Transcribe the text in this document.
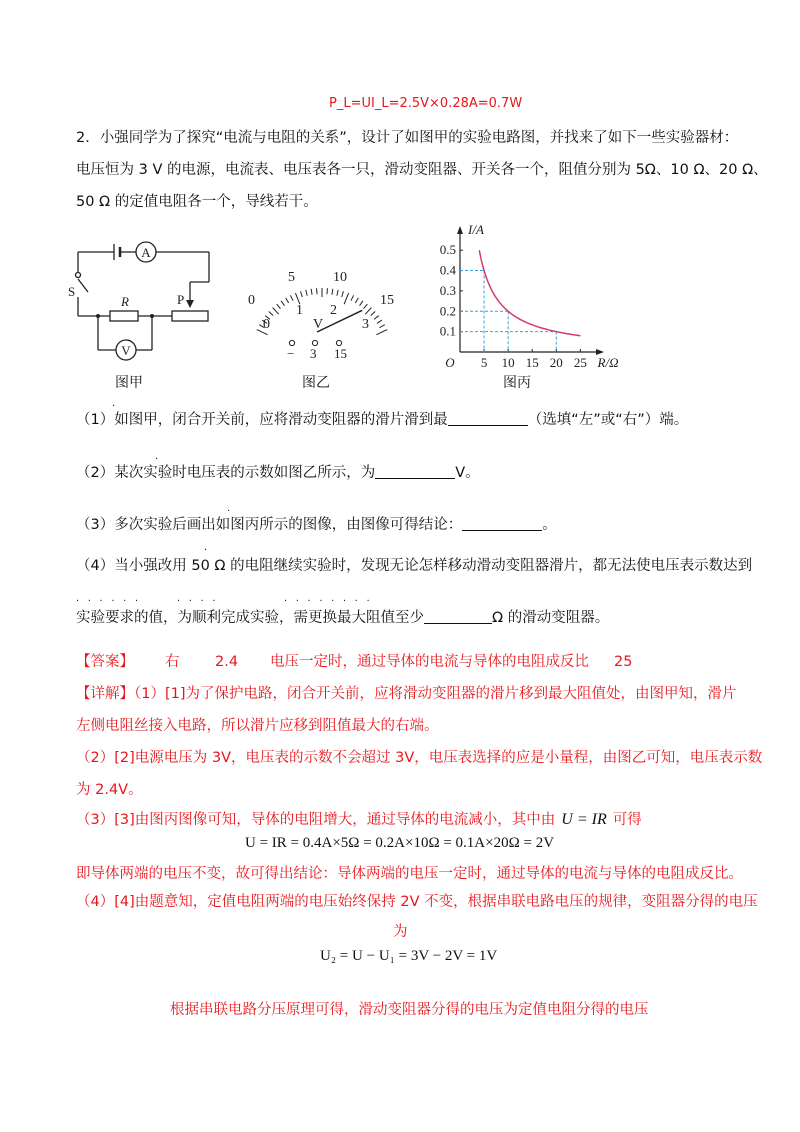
P_L=UI_L=2.5V×0.28A=0.7W
2．小强同学为了探究“电流与电阻的关系”，设计了如图甲的实验电路图，并找来了如下一些实验器材：
电压恒为 3 V 的电源，电流表、电压表各一只，滑动变阻器、开关各一个，阻值分别为 5Ω、10 Ω、20 Ω、
50 Ω 的定值电阻各一个，导线若干。
A
V
S
R	P
图甲
0
5	10
15
0
1 2
3
V
− 3 15
图乙
5 10 15 20 25
0.1
0.2
0.3
0.4
0.5
O	R/Ω
I/A
图丙
（1）如图甲，闭合开关前，应将滑动变阻器的滑片滑到最	（选填“左”或“右”）端。
·
（2）某次实验时电压表的示数如图乙所示，为	V。
·
（3）多次实验后画出如图丙所示的图像，由图像可得结论：	。
·
（4）当小强改用 50 Ω 的电阻继续实验时，发现无论怎样移动滑动变阻器滑片，都无法使电压表示数达到
·
实验要求的值，为顺利完成实验，需更换最大阻值至少	Ω 的滑动变阻器。
······	····	········
【答案】 右 2.4 电压一定时，通过导体的电流与导体的电阻成反比 25
【详解】（1）[1]为了保护电路，闭合开关前，应将滑动变阻器的滑片移到最大阻值处，由图甲知，滑片
左侧电阻丝接入电路，所以滑片应移到阻值最大的右端。
（2）[2]电源电压为 3V，电压表的示数不会超过 3V，电压表选择的应是小量程，由图乙可知，电压表示数
为 2.4V。
（3）[3]由图丙图像可知，导体的电阻增大，通过导体的电流减小，其中由 U = IR 可得
U = IR = 0.4A×5Ω = 0.2A×10Ω = 0.1A×20Ω = 2V
即导体两端的电压不变，故可得出结论：导体两端的电压一定时，通过导体的电流与导体的电阻成反比。
（4）[4]由题意知，定值电阻两端的电压始终保持 2V 不变，根据串联电路电压的规律，变阻器分得的电压
为
U₂ = U − U₁ = 3V − 2V = 1V
根据串联电路分压原理可得，滑动变阻器分得的电压为定值电阻分得的电压
